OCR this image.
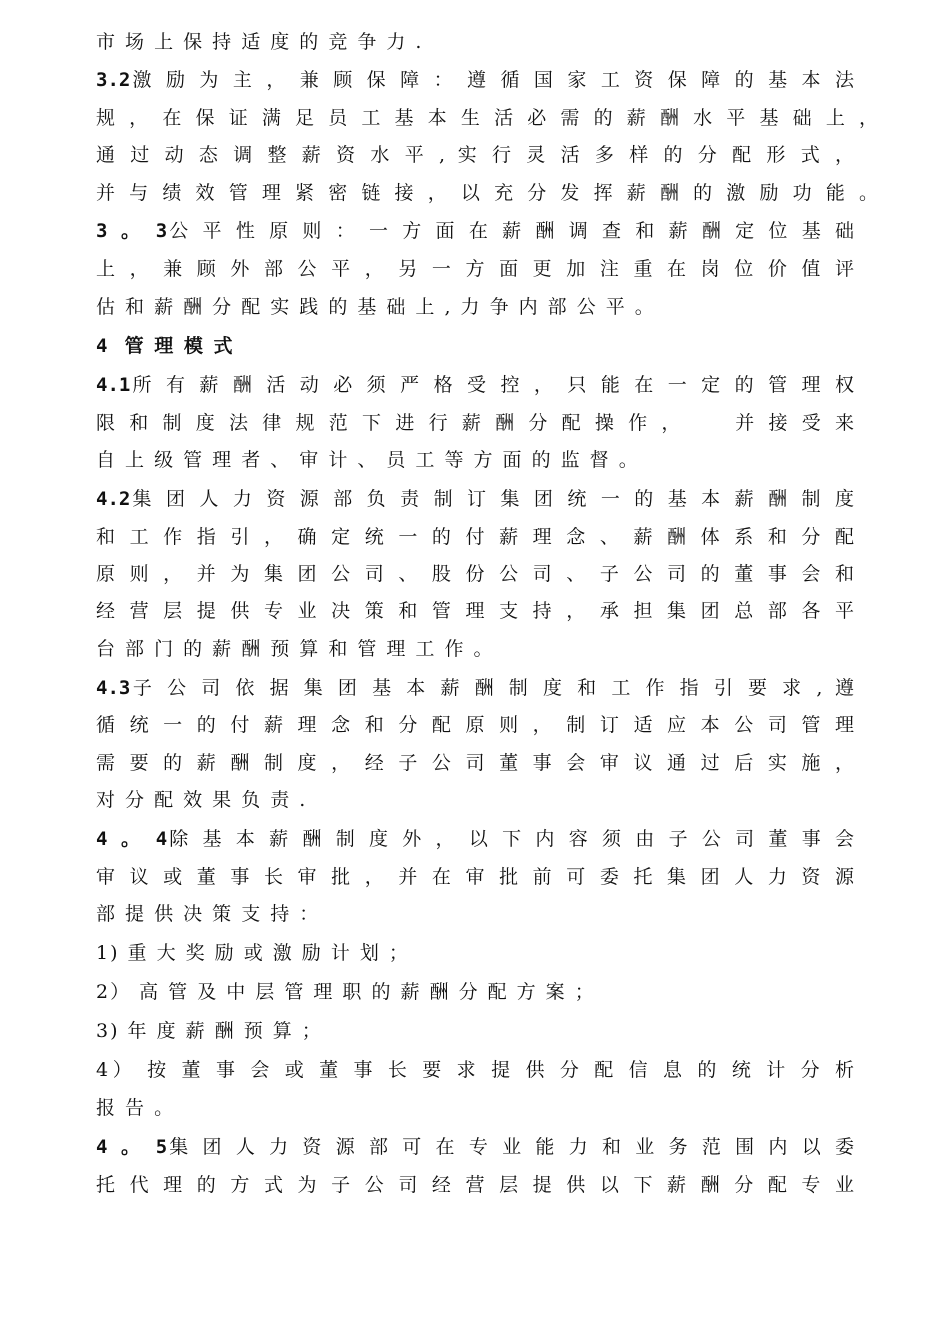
市 场 上 保 持 适 度 的 竞 争 力 .
3.2激 励 为 主 ， 兼 顾 保 障 ： 遵 循 国 家 工 资 保 障 的 基 本 法
规 ， 在 保 证 满 足 员 工 基 本 生 活 必 需 的 薪 酬 水 平 基 础 上 ，
通 过 动 态 调 整 薪 资 水 平 , 实 行 灵 活 多 样 的 分 配 形 式 ，
并 与 绩 效 管 理 紧 密 链 接 ， 以 充 分 发 挥 薪 酬 的 激 励 功 能 。
3 。 3公 平 性 原 则 ： 一 方 面 在 薪 酬 调 查 和 薪 酬 定 位 基 础
上 ， 兼 顾 外 部 公 平 ， 另 一 方 面 更 加 注 重 在 岗 位 价 值 评
估 和 薪 酬 分 配 实 践 的 基 础 上 , 力 争 内 部 公 平 。
4  管 理 模 式
4.1所 有 薪 酬 活 动 必 须 严 格 受 控 ， 只 能 在 一 定 的 管 理 权
限 和 制 度 法 律 规 范 下 进 行 薪 酬 分 配 操 作 ，     并 接 受 来
自 上 级 管 理 者 、 审 计 、 员 工 等 方 面 的 监 督 。
4.2集 团 人 力 资 源 部 负 责 制 订 集 团 统 一 的 基 本 薪 酬 制 度
和 工 作 指 引 ， 确 定 统 一 的 付 薪 理 念 、 薪 酬 体 系 和 分 配
原 则 ， 并 为 集 团 公 司 、 股 份 公 司 、 子 公 司 的 董 事 会 和
经 营 层 提 供 专 业 决 策 和 管 理 支 持 ， 承 担 集 团 总 部 各 平
台 部 门 的 薪 酬 预 算 和 管 理 工 作 。
4.3子 公 司 依 据 集 团 基 本 薪 酬 制 度 和 工 作 指 引 要 求 , 遵
循 统 一 的 付 薪 理 念 和 分 配 原 则 ， 制 订 适 应 本 公 司 管 理
需 要 的 薪 酬 制 度 ， 经 子 公 司 董 事 会 审 议 通 过 后 实 施 ，
对 分 配 效 果 负 责 .
4 。 4除 基 本 薪 酬 制 度 外 ， 以 下 内 容 须 由 子 公 司 董 事 会
审 议 或 董 事 长 审 批 ， 并 在 审 批 前 可 委 托 集 团 人 力 资 源
部 提 供 决 策 支 持 ：
1) 重 大 奖 励 或 激 励 计 划 ；
2） 高 管 及 中 层 管 理 职 的 薪 酬 分 配 方 案 ；
3) 年 度 薪 酬 预 算 ；
4） 按 董 事 会 或 董 事 长 要 求 提 供 分 配 信 息 的 统 计 分 析
报 告 。
4 。 5集 团 人 力 资 源 部 可 在 专 业 能 力 和 业 务 范 围 内 以 委
托 代 理 的 方 式 为 子 公 司 经 营 层 提 供 以 下 薪 酬 分 配 专 业
